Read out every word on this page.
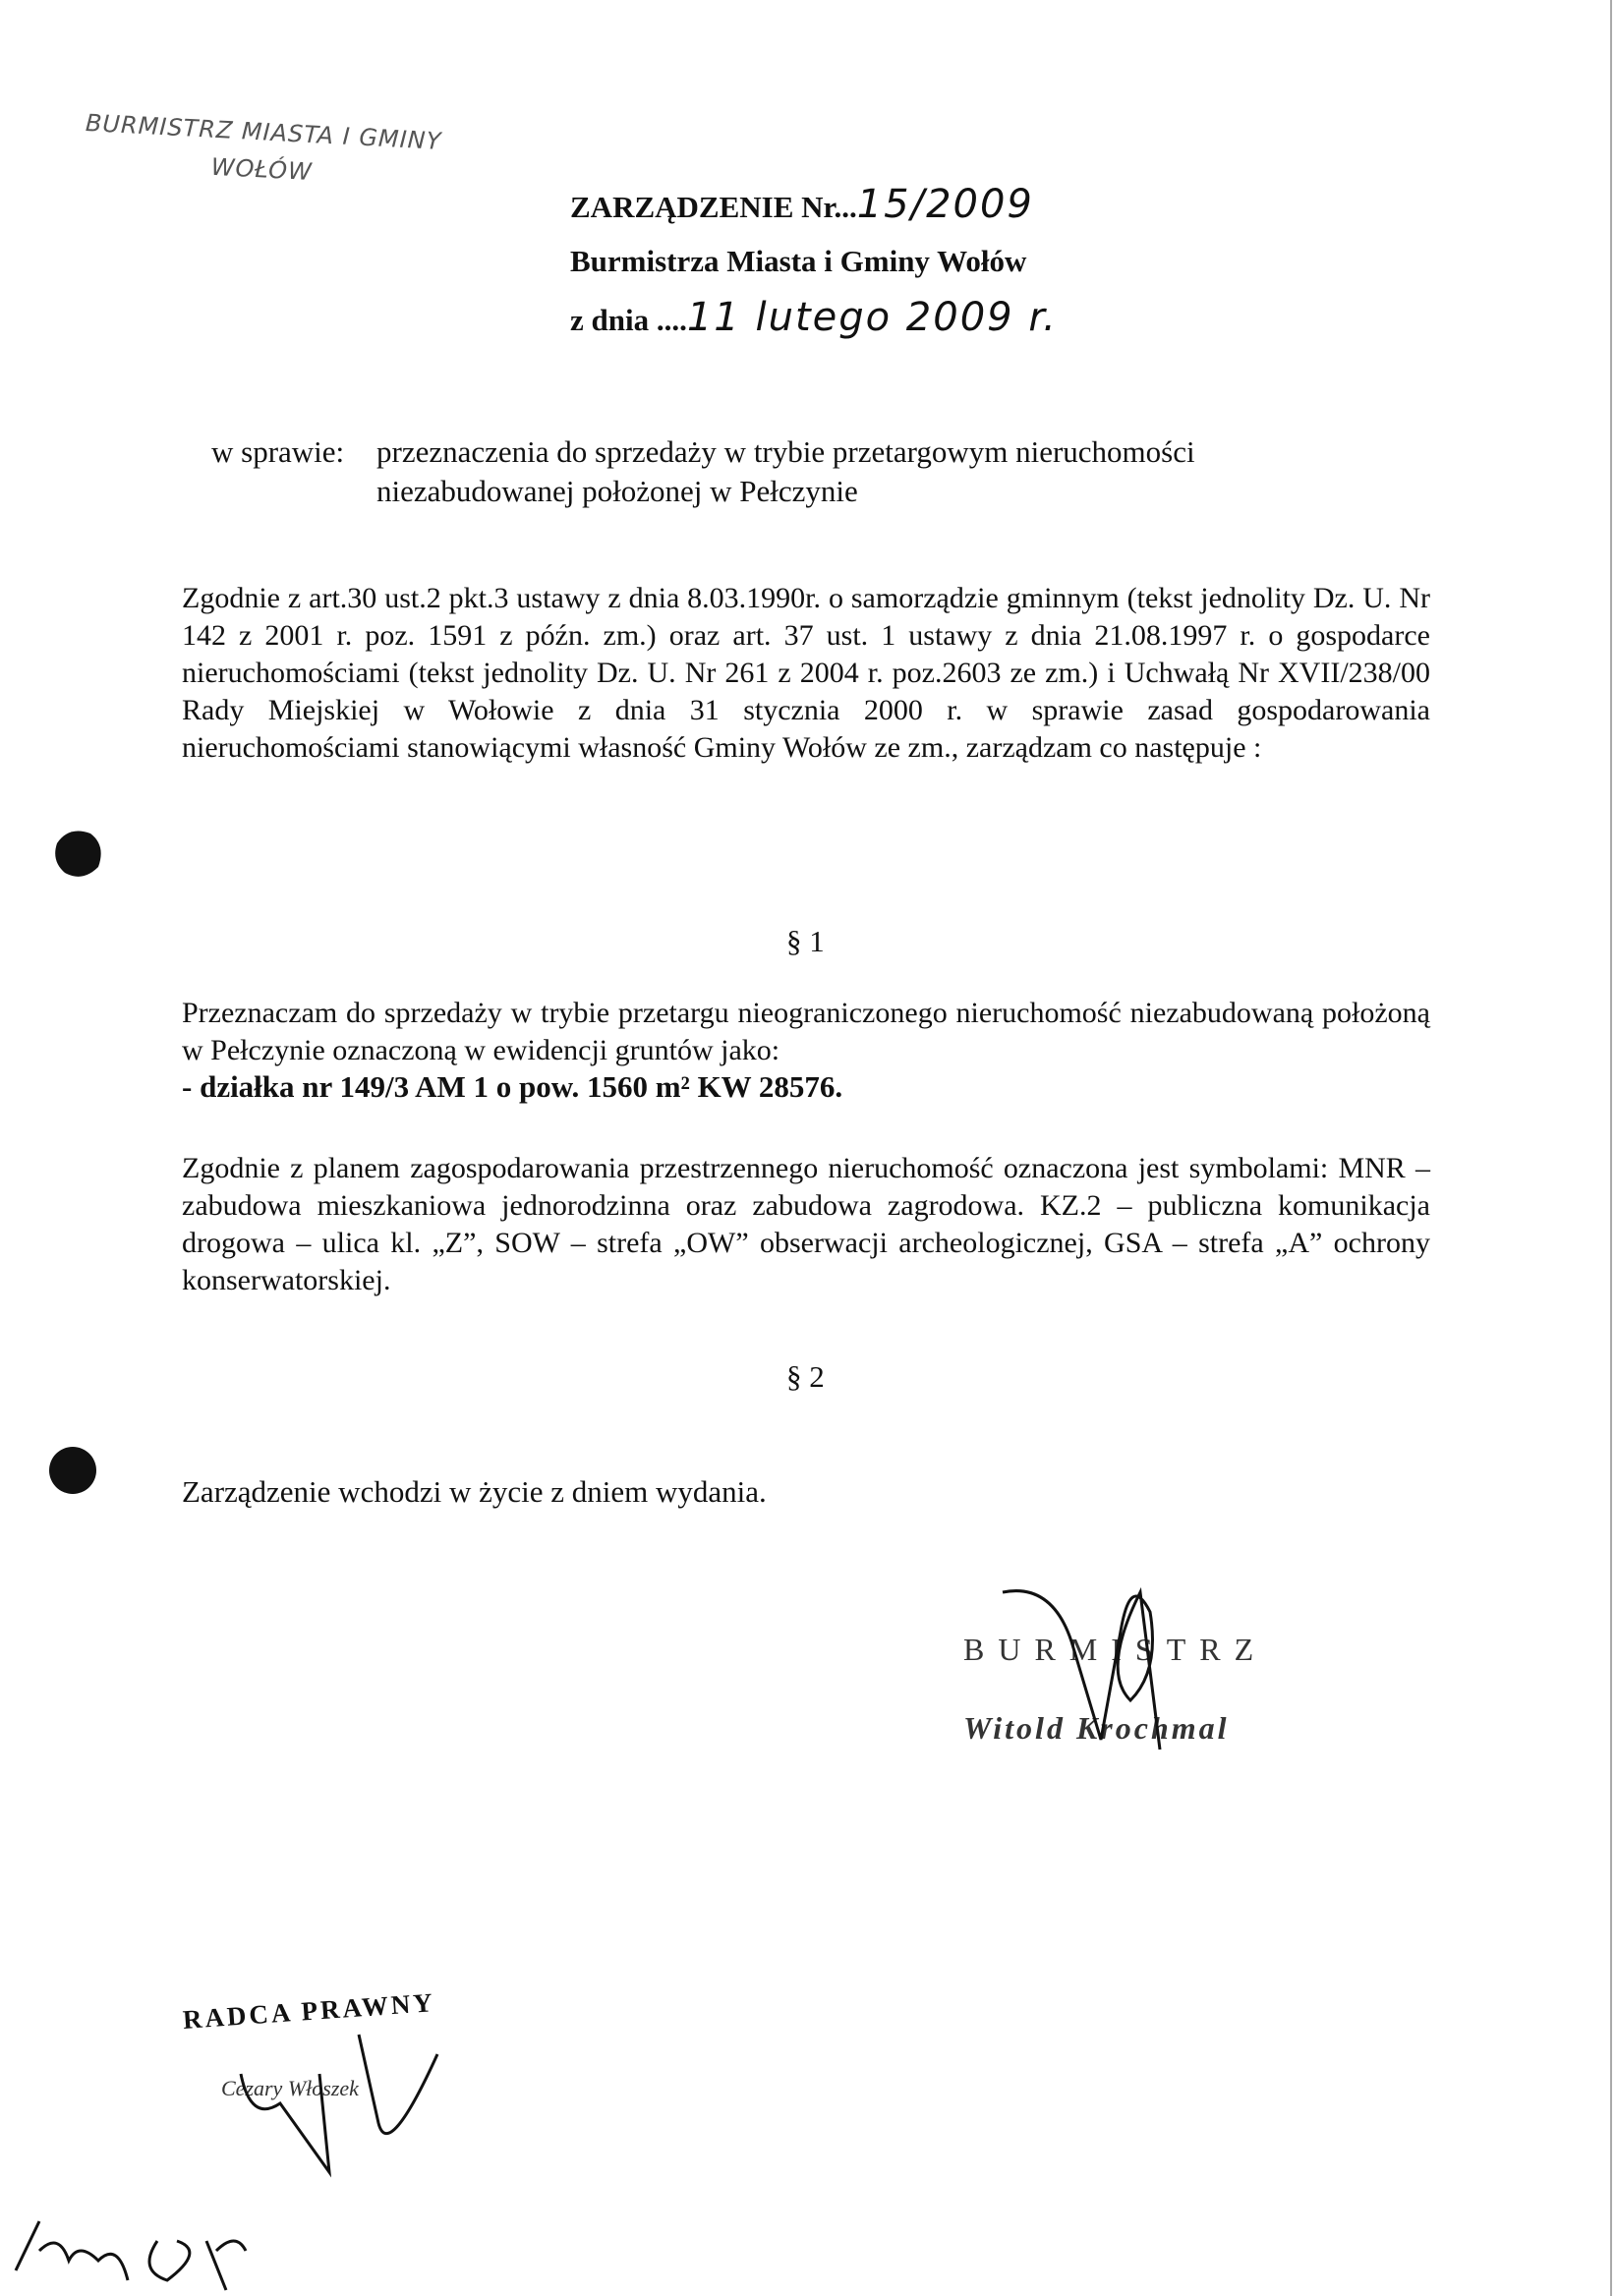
BURMISTRZ MIASTA I GMINY
WOŁÓW
ZARZĄDZENIE Nr...15/2009
Burmistrza Miasta i Gminy Wołów
z dnia ....11 lutego 2009 r.
w sprawie: przeznaczenia do sprzedaży w trybie przetargowym nieruchomości
niezabudowanej położonej w Pełczynie
Zgodnie z art.30 ust.2 pkt.3 ustawy z dnia 8.03.1990r. o samorządzie gminnym (tekst jednolity Dz. U. Nr 142 z 2001 r. poz. 1591 z późn. zm.) oraz art. 37 ust. 1 ustawy z dnia 21.08.1997 r. o gospodarce nieruchomościami (tekst jednolity Dz. U. Nr 261 z 2004 r. poz.2603 ze zm.) i Uchwałą Nr XVII/238/00 Rady Miejskiej w Wołowie z dnia 31 stycznia 2000 r. w sprawie zasad gospodarowania nieruchomościami stanowiącymi własność Gminy Wołów ze zm., zarządzam co następuje :
§ 1
Przeznaczam do sprzedaży w trybie przetargu nieograniczonego nieruchomość niezabudowaną położoną w Pełczynie oznaczoną w ewidencji gruntów jako:
- działka nr 149/3 AM 1 o pow. 1560 m² KW 28576.
Zgodnie z planem zagospodarowania przestrzennego nieruchomość oznaczona jest symbolami: MNR – zabudowa mieszkaniowa jednorodzinna oraz zabudowa zagrodowa. KZ.2 – publiczna komunikacja drogowa – ulica kl. „Z”, SOW – strefa „OW” obserwacji archeologicznej, GSA – strefa „A” ochrony konserwatorskiej.
§ 2
Zarządzenie wchodzi w życie z dniem wydania.
BURMISTRZ
Witold Krochmal
RADCA PRAWNY
Cezary Włoszek
